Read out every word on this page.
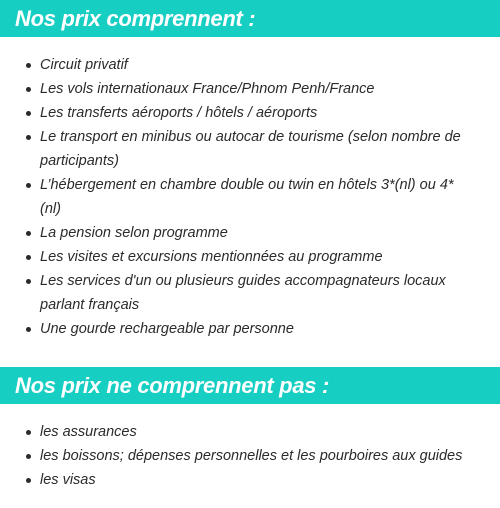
Nos prix comprennent :
Circuit privatif
Les vols internationaux France/Phnom Penh/France
Les transferts aéroports / hôtels / aéroports
Le transport en minibus ou autocar de tourisme (selon nombre de participants)
L’hébergement en chambre double ou twin en hôtels 3*(nl) ou 4*(nl)
La pension selon programme
Les visites et excursions mentionnées au programme
Les services d'un ou plusieurs guides accompagnateurs locaux parlant français
Une gourde rechargeable par personne
Nos prix ne comprennent pas :
les assurances
les boissons; dépenses personnelles et les pourboires aux guides
les visas
